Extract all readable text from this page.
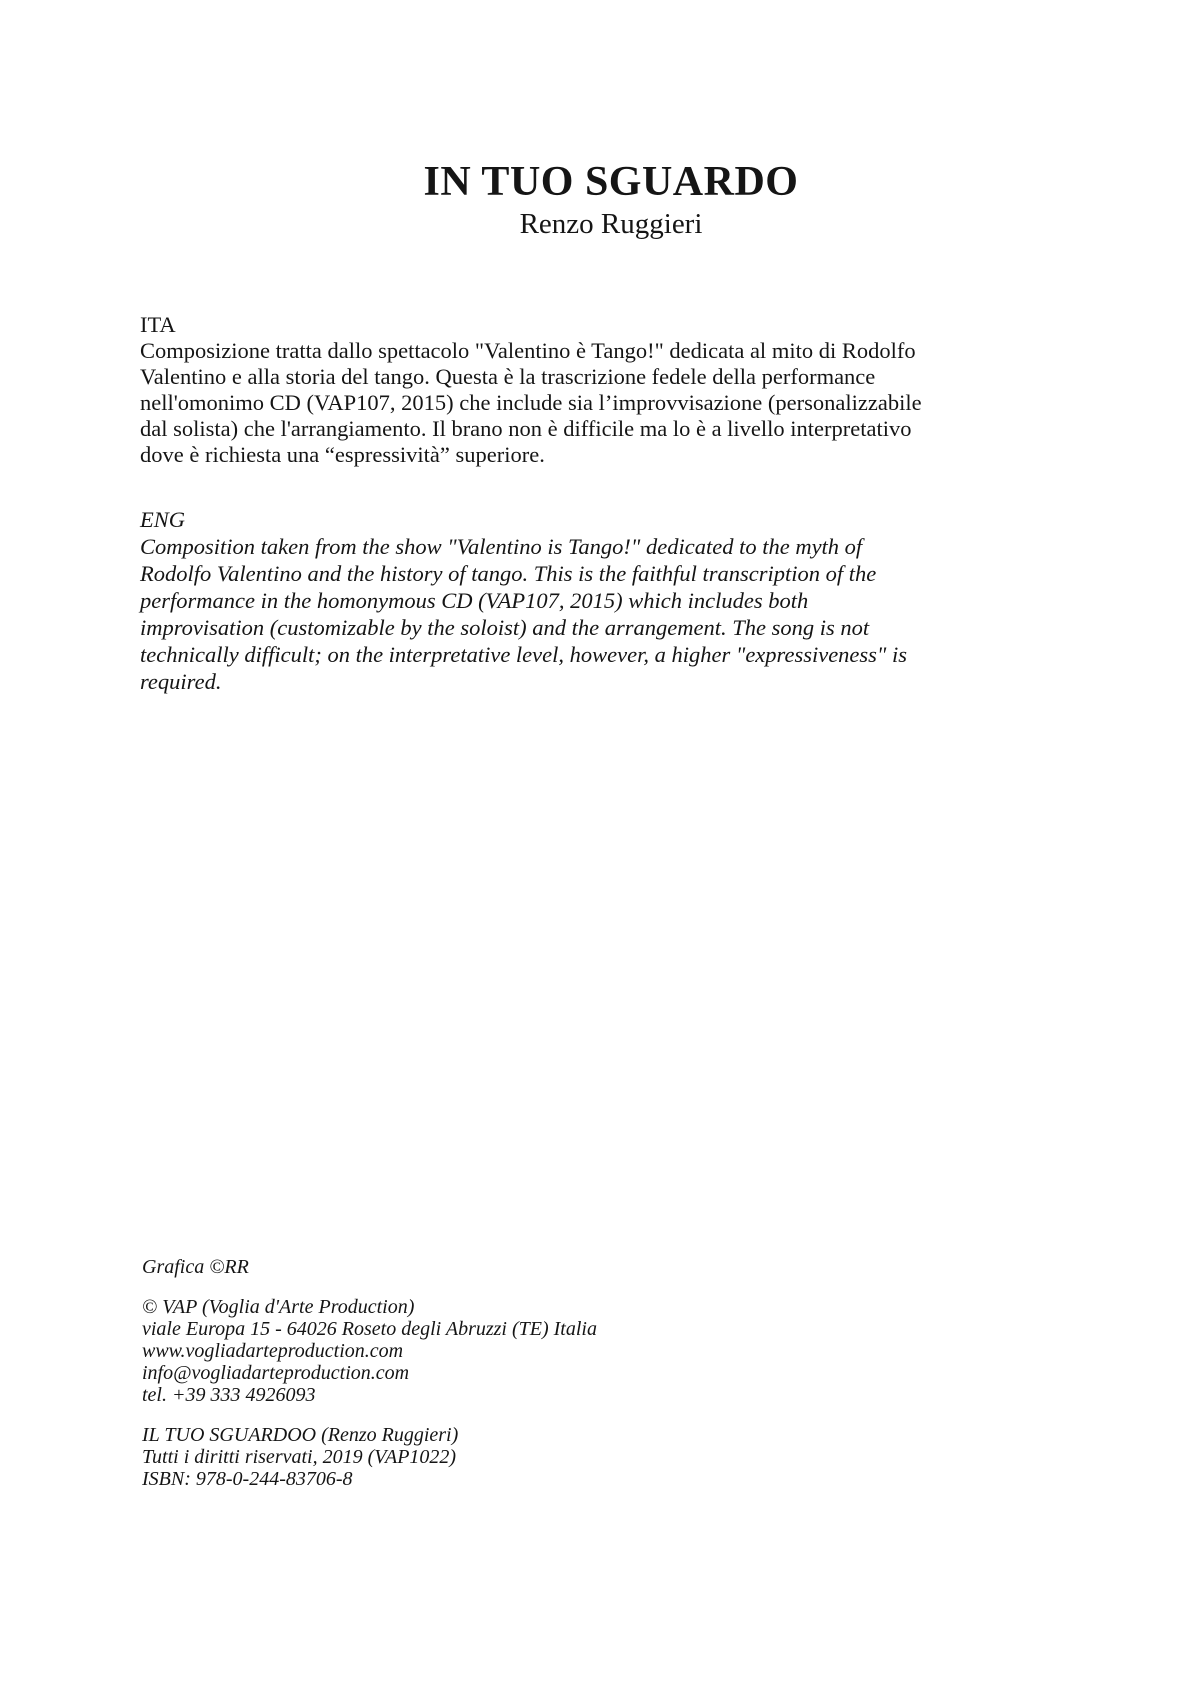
IN TUO SGUARDO
Renzo Ruggieri
ITA
Composizione tratta dallo spettacolo "Valentino è Tango!" dedicata al mito di Rodolfo
Valentino e alla storia del tango. Questa è la trascrizione fedele della performance
nell'omonimo CD (VAP107, 2015) che include sia l’improvvisazione (personalizzabile
dal solista) che l'arrangiamento. Il brano non è difficile ma lo è a livello interpretativo
dove è richiesta una “espressività” superiore.
ENG
Composition taken from the show "Valentino is Tango!" dedicated to the myth of
Rodolfo Valentino and the history of tango. This is the faithful transcription of the
performance in the homonymous CD (VAP107, 2015) which includes both
improvisation (customizable by the soloist) and the arrangement. The song is not
technically difficult; on the interpretative level, however, a higher "expressiveness" is
required.
Grafica ©RR
© VAP (Voglia d'Arte Production)
viale Europa 15 - 64026 Roseto degli Abruzzi (TE) Italia
www.vogliadarteproduction.com
info@vogliadarteproduction.com
tel. +39 333 4926093
IL TUO SGUARDOO (Renzo Ruggieri)
Tutti i diritti riservati, 2019 (VAP1022)
ISBN: 978-0-244-83706-8
